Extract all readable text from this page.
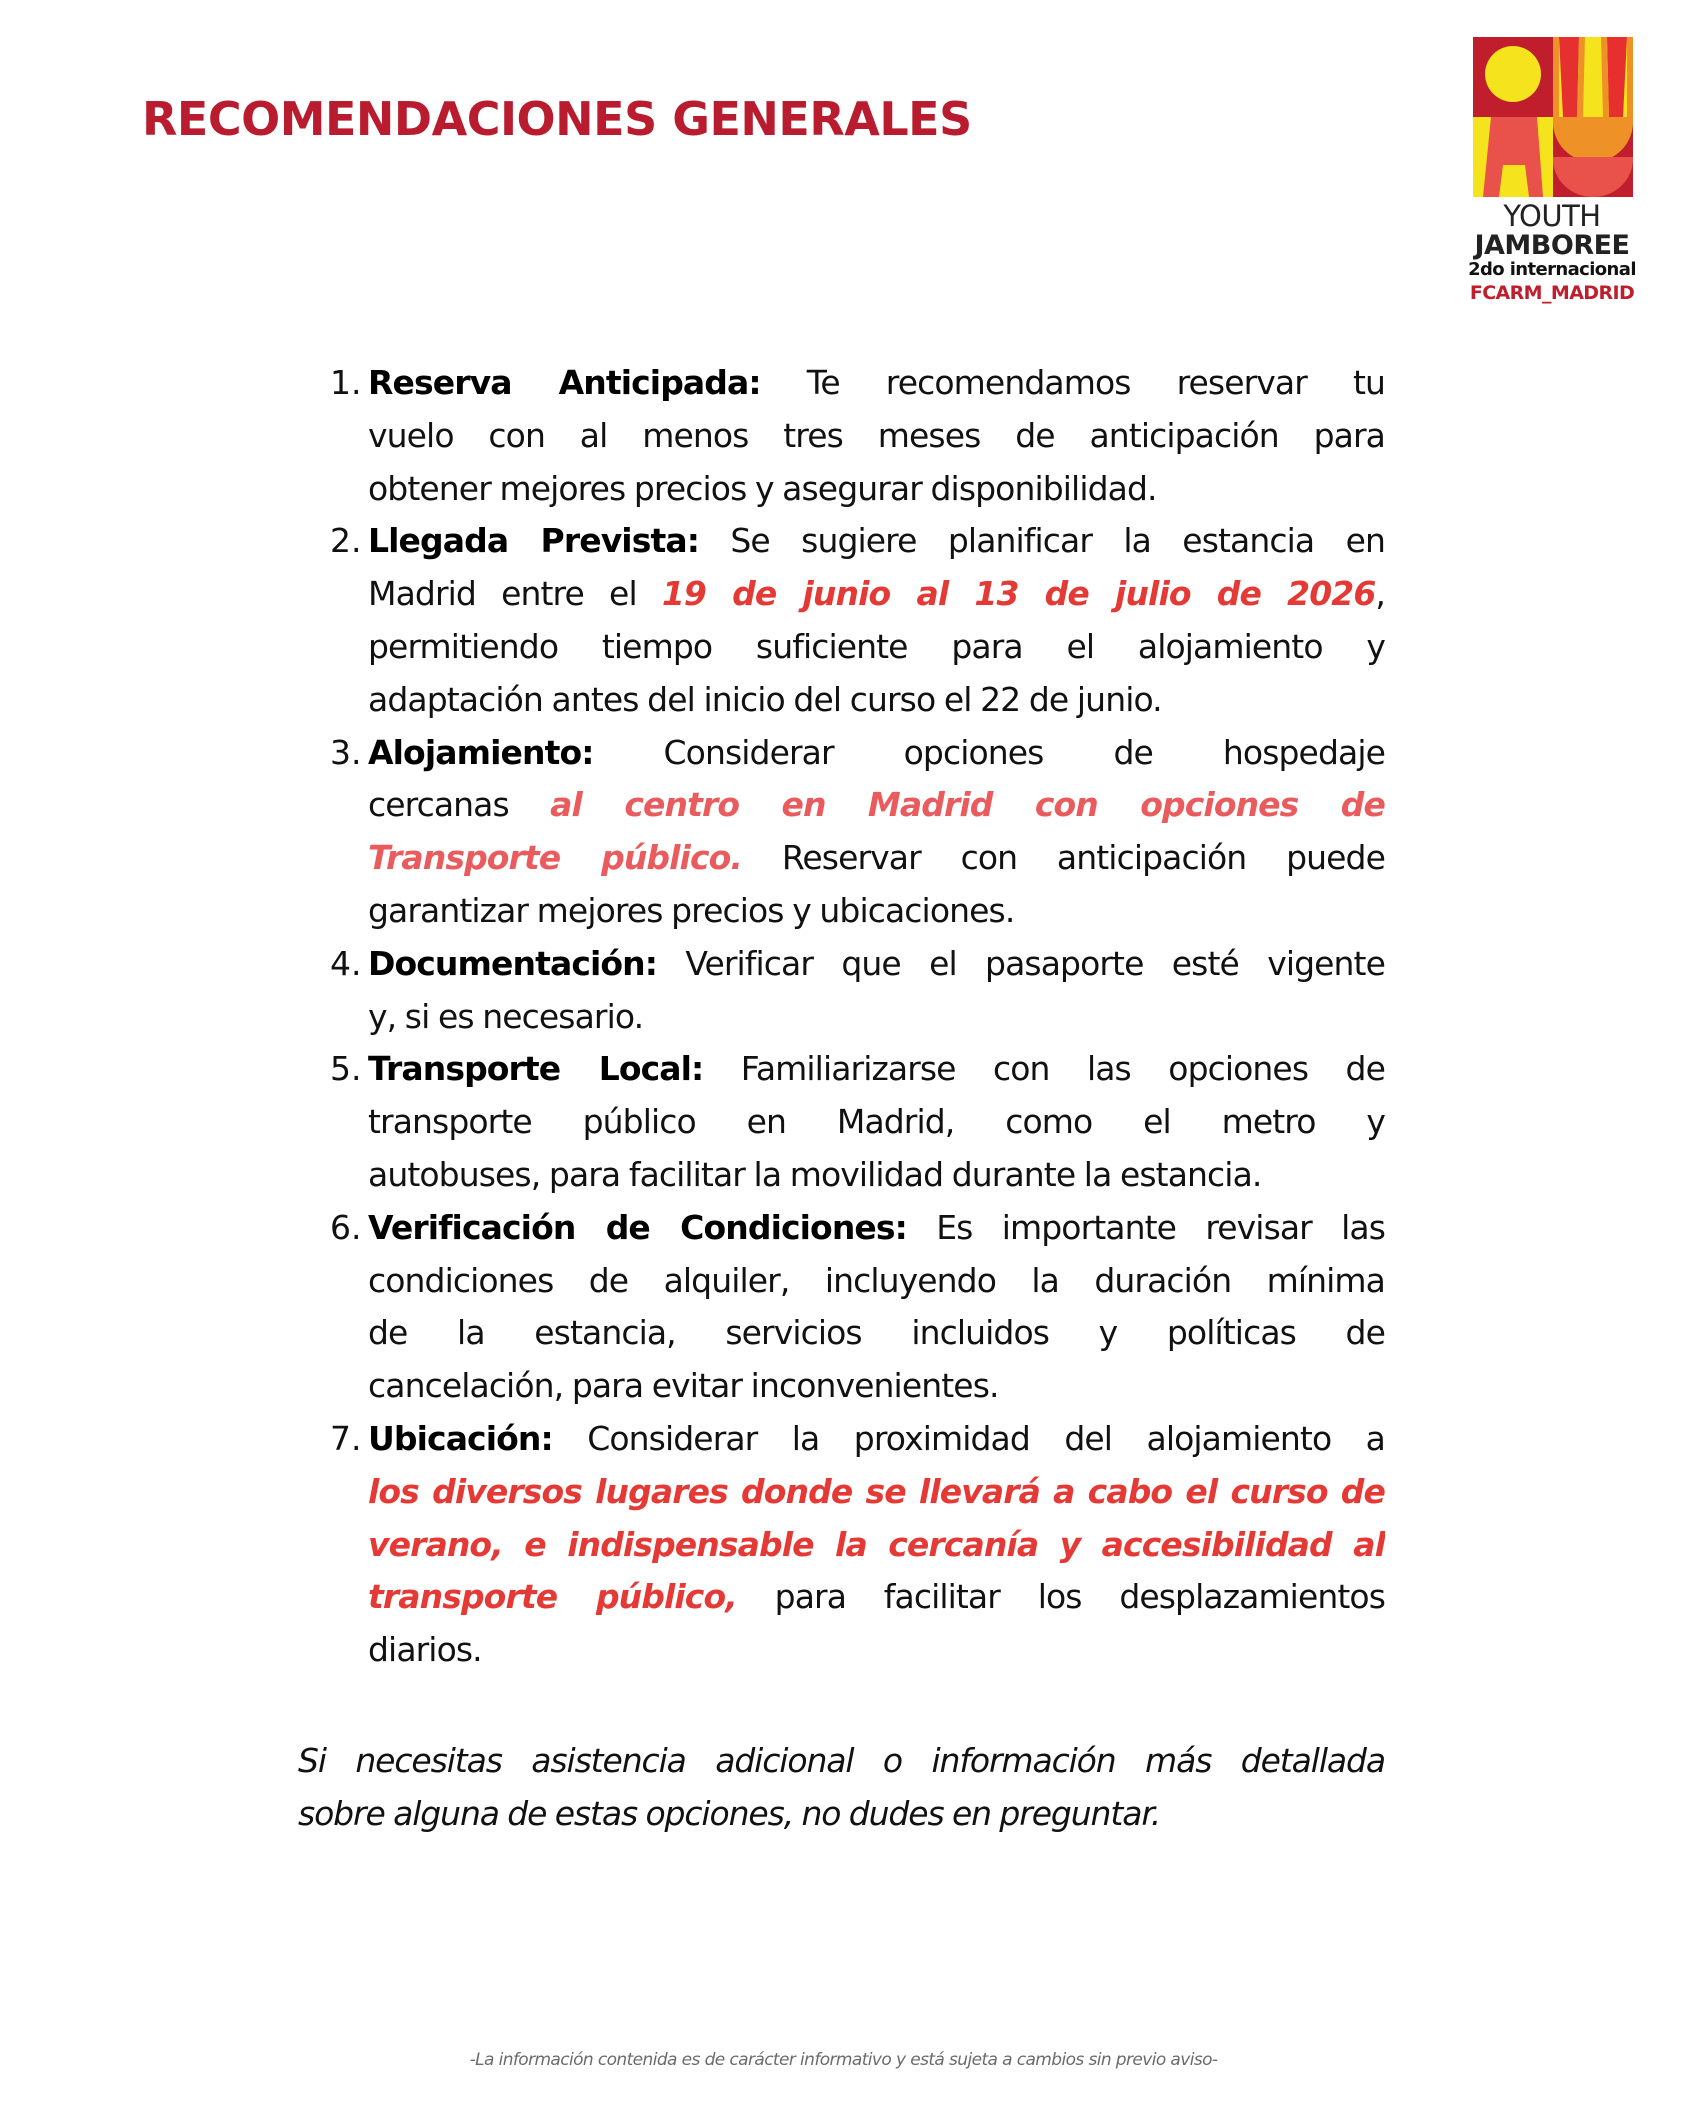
RECOMENDACIONES GENERALES
YOUTH
JAMBOREE
2do internacional
FCARM_MADRID
1. Reserva Anticipada: Te recomendamos reservar tu
vuelo con al menos tres meses de anticipación para
obtener mejores precios y asegurar disponibilidad.
2. Llegada Prevista: Se sugiere planificar la estancia en
Madrid entre el 19 de junio al 13 de julio de 2026,
permitiendo tiempo suficiente para el alojamiento y
adaptación antes del inicio del curso el 22 de junio.
3. Alojamiento: Considerar opciones de hospedaje
cercanas al centro en Madrid con opciones de
Transporte público. Reservar con anticipación puede
garantizar mejores precios y ubicaciones.
4. Documentación: Verificar que el pasaporte esté vigente
y, si es necesario.
5. Transporte Local: Familiarizarse con las opciones de
transporte público en Madrid, como el metro y
autobuses, para facilitar la movilidad durante la estancia.
6. Verificación de Condiciones: Es importante revisar las
condiciones de alquiler, incluyendo la duración mínima
de la estancia, servicios incluidos y políticas de
cancelación, para evitar inconvenientes.
7. Ubicación: Considerar la proximidad del alojamiento a
los diversos lugares donde se llevará a cabo el curso de
verano, e indispensable la cercanía y accesibilidad al
transporte público, para facilitar los desplazamientos
diarios.
Si necesitas asistencia adicional o información más detallada
sobre alguna de estas opciones, no dudes en preguntar.
-La información contenida es de carácter informativo y está sujeta a cambios sin previo aviso-
